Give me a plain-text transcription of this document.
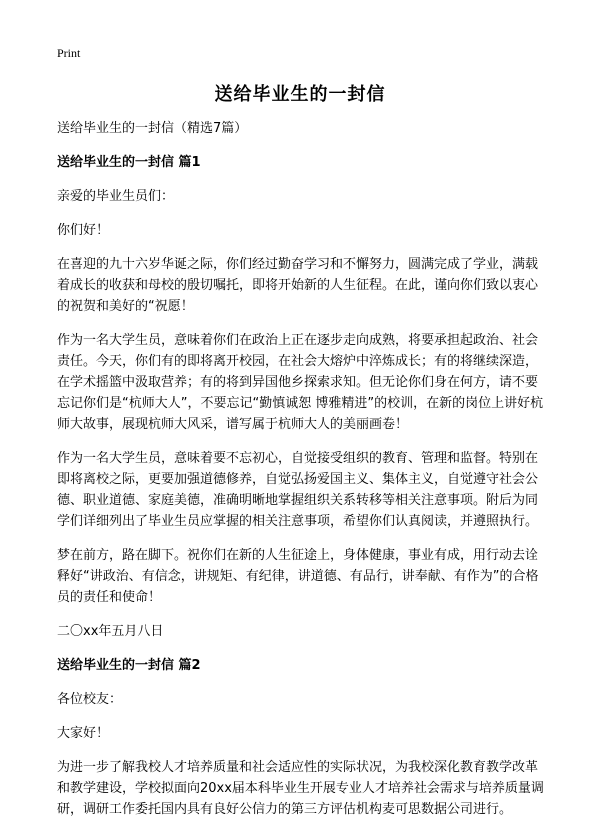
Print
送给毕业生的一封信

送给毕业生的一封信（精选7篇）

送给毕业生的一封信 篇1

亲爱的毕业生员们：

你们好！

在喜迎的九十六岁华诞之际，你们经过勤奋学习和不懈努力，圆满完成了学业，满载着成长的收获和母校的殷切嘱托，即将开始新的人生征程。在此，谨向你们致以衷心的祝贺和美好的“祝愿！

作为一名大学生员，意味着你们在政治上正在逐步走向成熟，将要承担起政治、社会责任。今天，你们有的即将离开校园，在社会大熔炉中淬炼成长；有的将继续深造，在学术摇篮中汲取营养；有的将到异国他乡探索求知。但无论你们身在何方，请不要忘记你们是“杭师大人”，不要忘记“勤慎诚恕 博雅精进”的校训，在新的岗位上讲好杭师大故事，展现杭师大风采，谱写属于杭师大人的美丽画卷！

作为一名大学生员，意味着要不忘初心，自觉接受组织的教育、管理和监督。特别在即将离校之际，更要加强道德修养，自觉弘扬爱国主义、集体主义，自觉遵守社会公德、职业道德、家庭美德，准确明晰地掌握组织关系转移等相关注意事项。附后为同学们详细列出了毕业生员应掌握的相关注意事项，希望你们认真阅读，并遵照执行。

梦在前方，路在脚下。祝你们在新的人生征途上，身体健康，事业有成，用行动去诠释好“讲政治、有信念，讲规矩、有纪律，讲道德、有品行，讲奉献、有作为”的合格员的责任和使命！

二〇xx年五月八日

送给毕业生的一封信 篇2

各位校友：

大家好！

为进一步了解我校人才培养质量和社会适应性的实际状况，为我校深化教育教学改革和教学建设，学校拟面向20xx届本科毕业生开展专业人才培养社会需求与培养质量调研，调研工作委托国内具有良好公信力的第三方评估机构麦可思数据公司进行。
